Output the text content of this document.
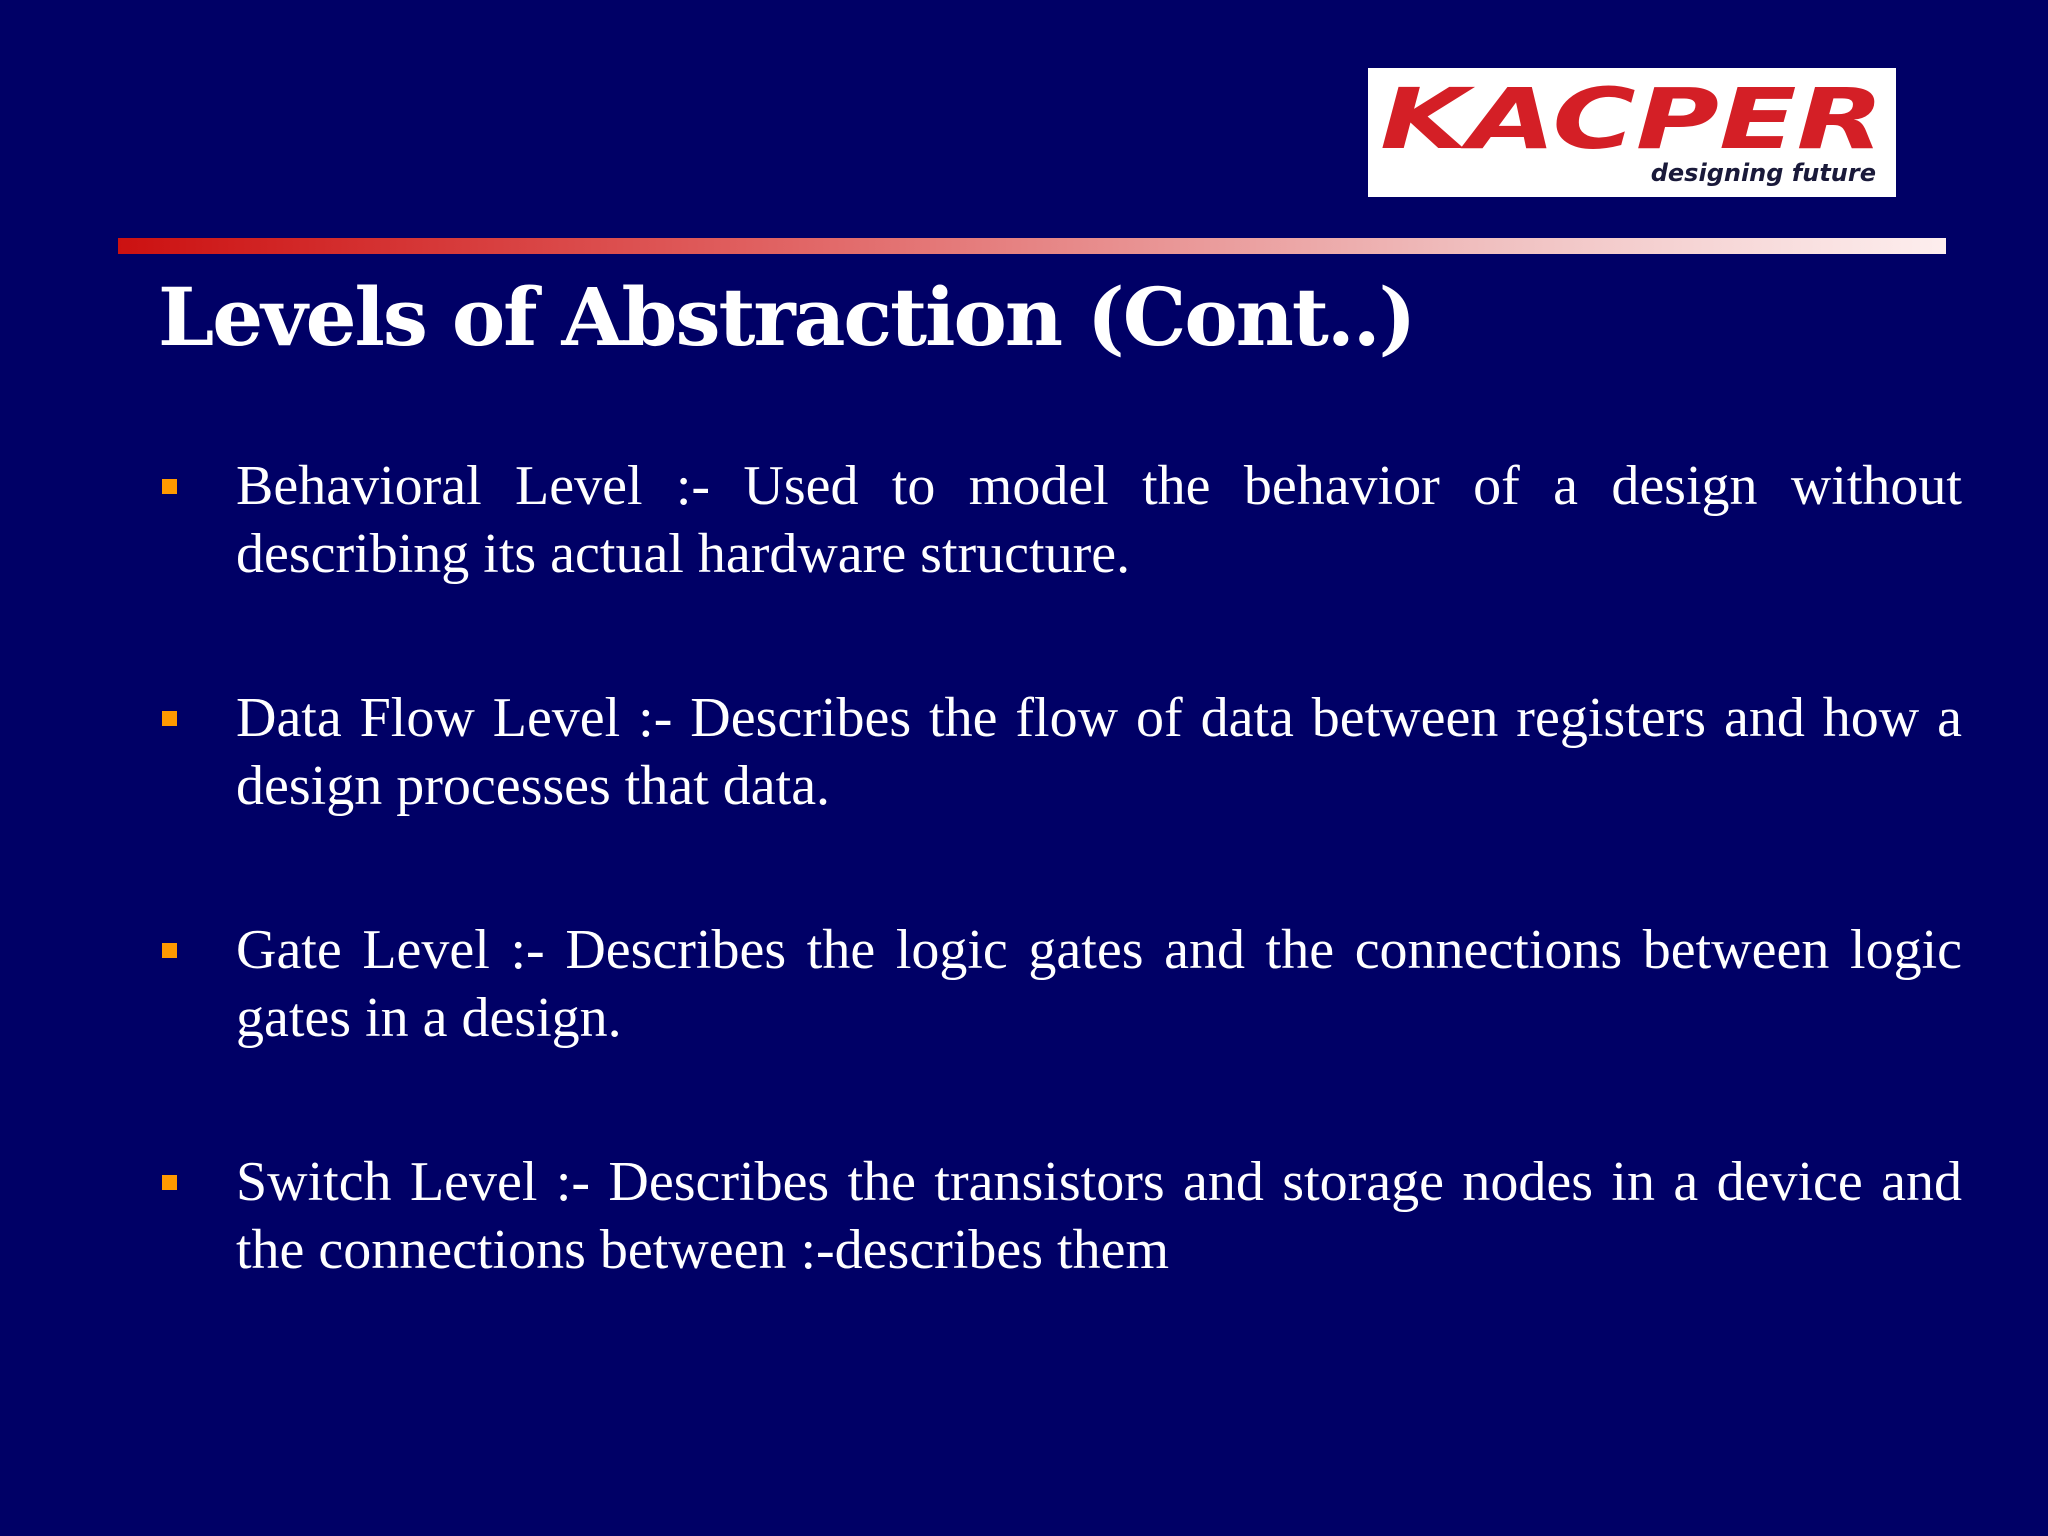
KACPER
designing future
Levels of Abstraction (Cont..)
Behavioral Level :- Used to model the behavior of a design without describing its actual hardware structure.
Data Flow Level :- Describes the flow of data between registers and how a design processes that data.
Gate Level :- Describes the logic gates and the connections between logic gates in a design.
Switch Level :- Describes the transistors and storage nodes in a device and the connections between :-describes them
